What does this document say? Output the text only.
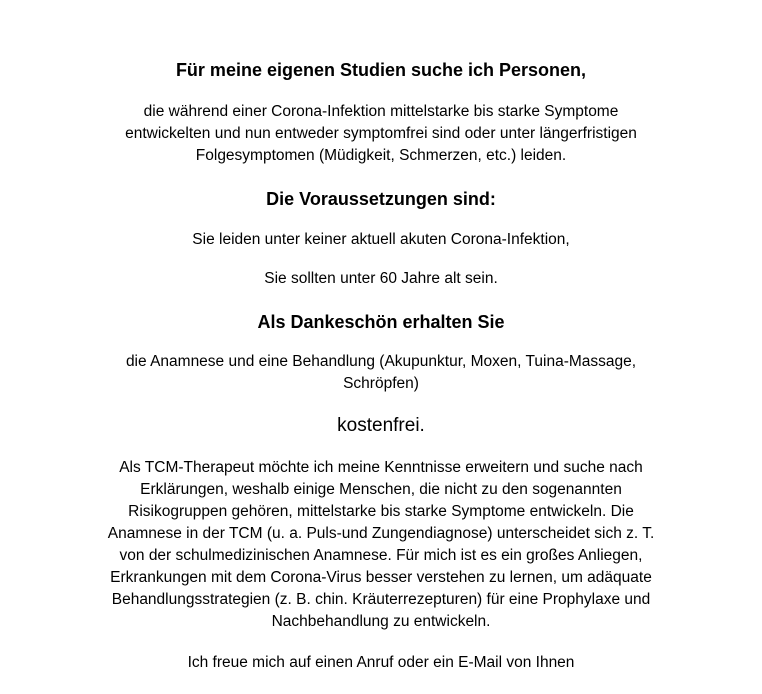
Für meine eigenen Studien suche ich Personen,
die während einer Corona-Infektion mittelstarke bis starke Symptome
entwickelten und nun entweder symptomfrei sind oder unter längerfristigen
Folgesymptomen (Müdigkeit, Schmerzen, etc.) leiden.
Die Voraussetzungen sind:
Sie leiden unter keiner aktuell akuten Corona-Infektion,
Sie sollten unter 60 Jahre alt sein.
Als Dankeschön erhalten Sie
die Anamnese und eine Behandlung (Akupunktur, Moxen, Tuina-Massage,
Schröpfen)
kostenfrei.
Als TCM-Therapeut möchte ich meine Kenntnisse erweitern und suche nach
Erklärungen, weshalb einige Menschen, die nicht zu den sogenannten
Risikogruppen gehören, mittelstarke bis starke Symptome entwickeln. Die
Anamnese in der TCM (u. a. Puls-und Zungendiagnose) unterscheidet sich z. T.
von der schulmedizinischen Anamnese. Für mich ist es ein großes Anliegen,
Erkrankungen mit dem Corona-Virus besser verstehen zu lernen, um adäquate
Behandlungsstrategien (z. B. chin. Kräuterrezepturen) für eine Prophylaxe und
Nachbehandlung zu entwickeln.
Ich freue mich auf einen Anruf oder ein E-Mail von Ihnen
